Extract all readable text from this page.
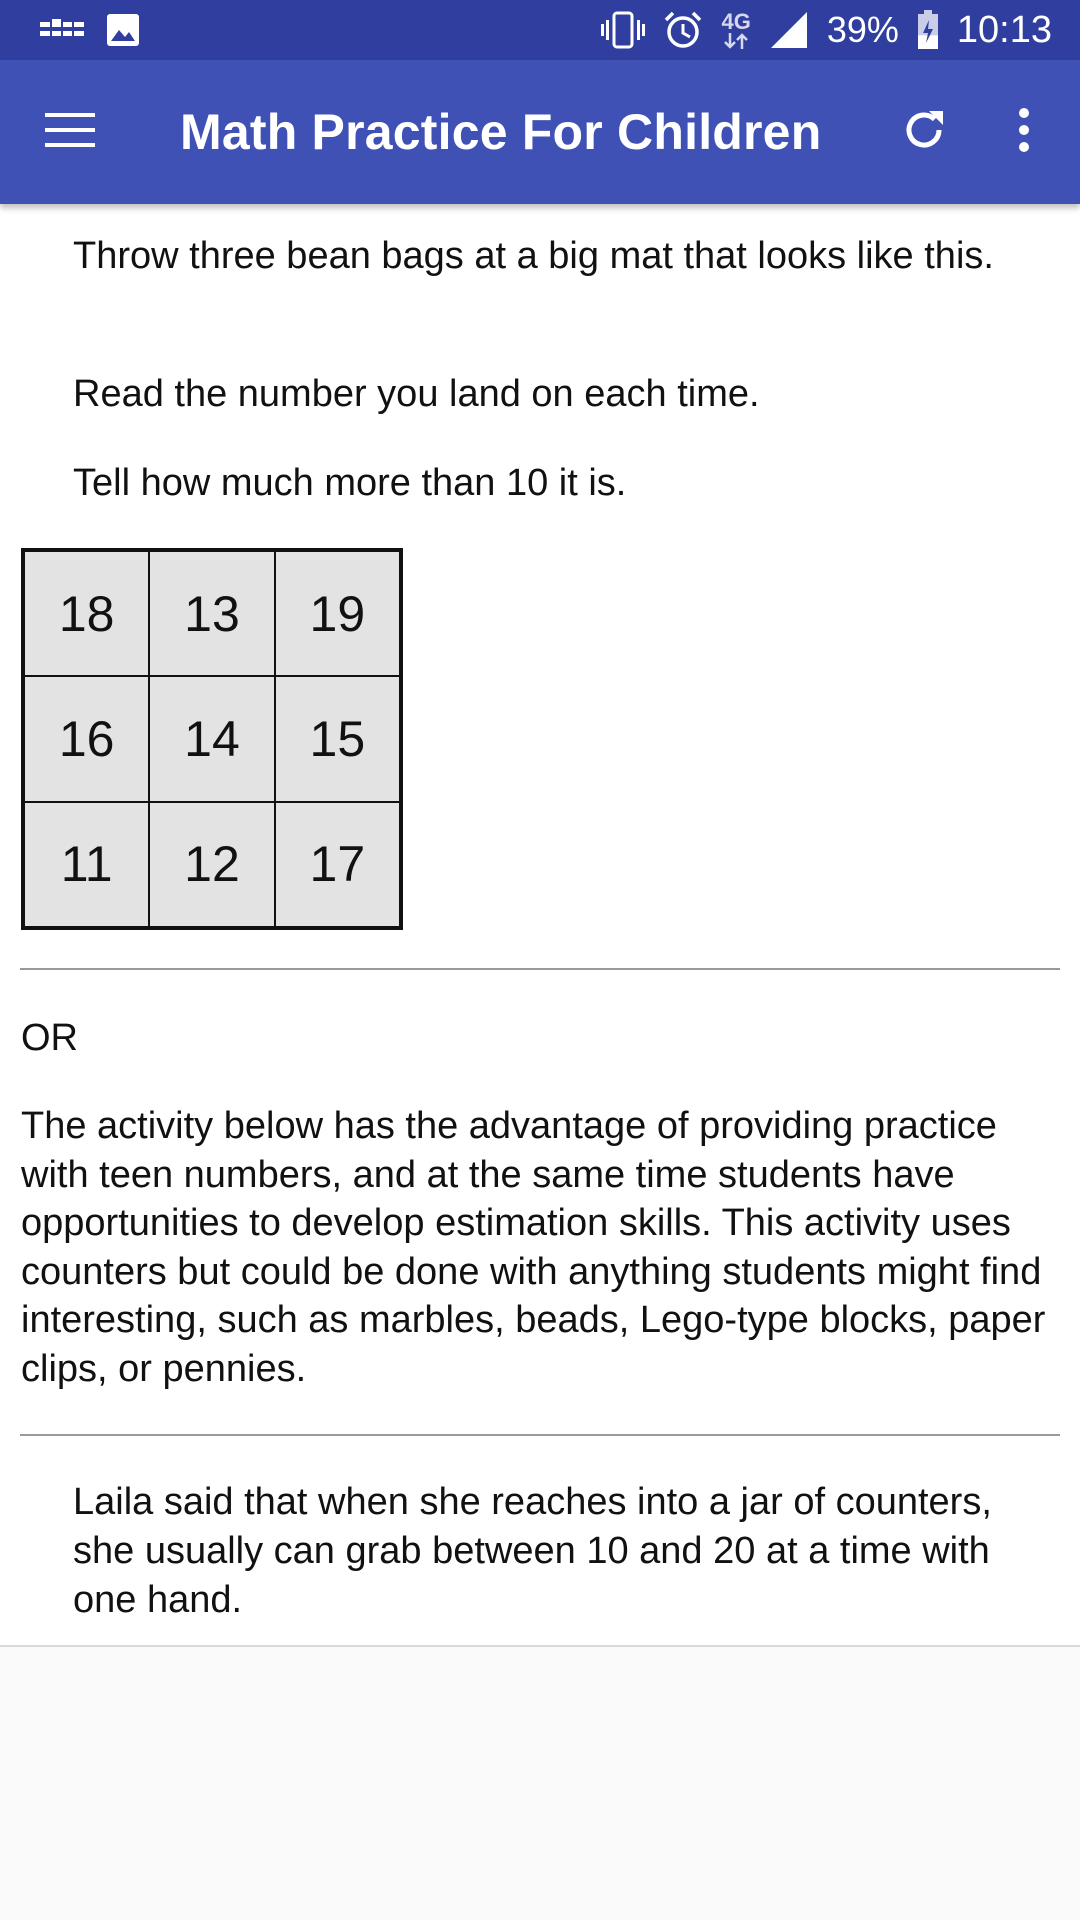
4G 39% 10:13
Math Practice For Children

Throw three bean bags at a big mat that looks like this.

Read the number you land on each time.

Tell how much more than 10 it is.

18	13	19
16	14	15
11	12	17

OR

The activity below has the advantage of providing practice with teen numbers, and at the same time students have opportunities to develop estimation skills. This activity uses counters but could be done with anything students might find interesting, such as marbles, beads, Lego-type blocks, paper clips, or pennies.

Laila said that when she reaches into a jar of counters, she usually can grab between 10 and 20 at a time with one hand.
